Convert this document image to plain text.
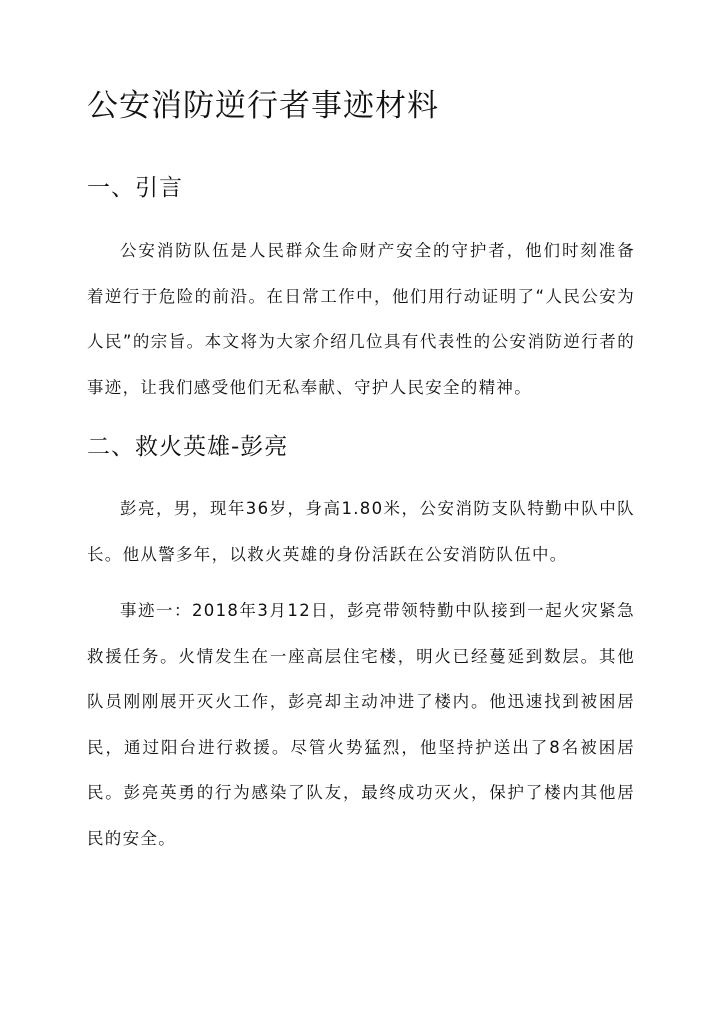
公安消防逆行者事迹材料
一、引言

公安消防队伍是人民群众生命财产安全的守护者，他们时刻准备着逆行于危险的前沿。在日常工作中，他们用行动证明了“人民公安为人民”的宗旨。本文将为大家介绍几位具有代表性的公安消防逆行者的事迹，让我们感受他们无私奉献、守护人民安全的精神。

二、救火英雄-彭亮

彭亮，男，现年36岁，身高1.80米，公安消防支队特勤中队中队长。他从警多年，以救火英雄的身份活跃在公安消防队伍中。

事迹一：2018年3月12日，彭亮带领特勤中队接到一起火灾紧急救援任务。火情发生在一座高层住宅楼，明火已经蔓延到数层。其他队员刚刚展开灭火工作，彭亮却主动冲进了楼内。他迅速找到被困居民，通过阳台进行救援。尽管火势猛烈，他坚持护送出了8名被困居民。彭亮英勇的行为感染了队友，最终成功灭火，保护了楼内其他居民的安全。
